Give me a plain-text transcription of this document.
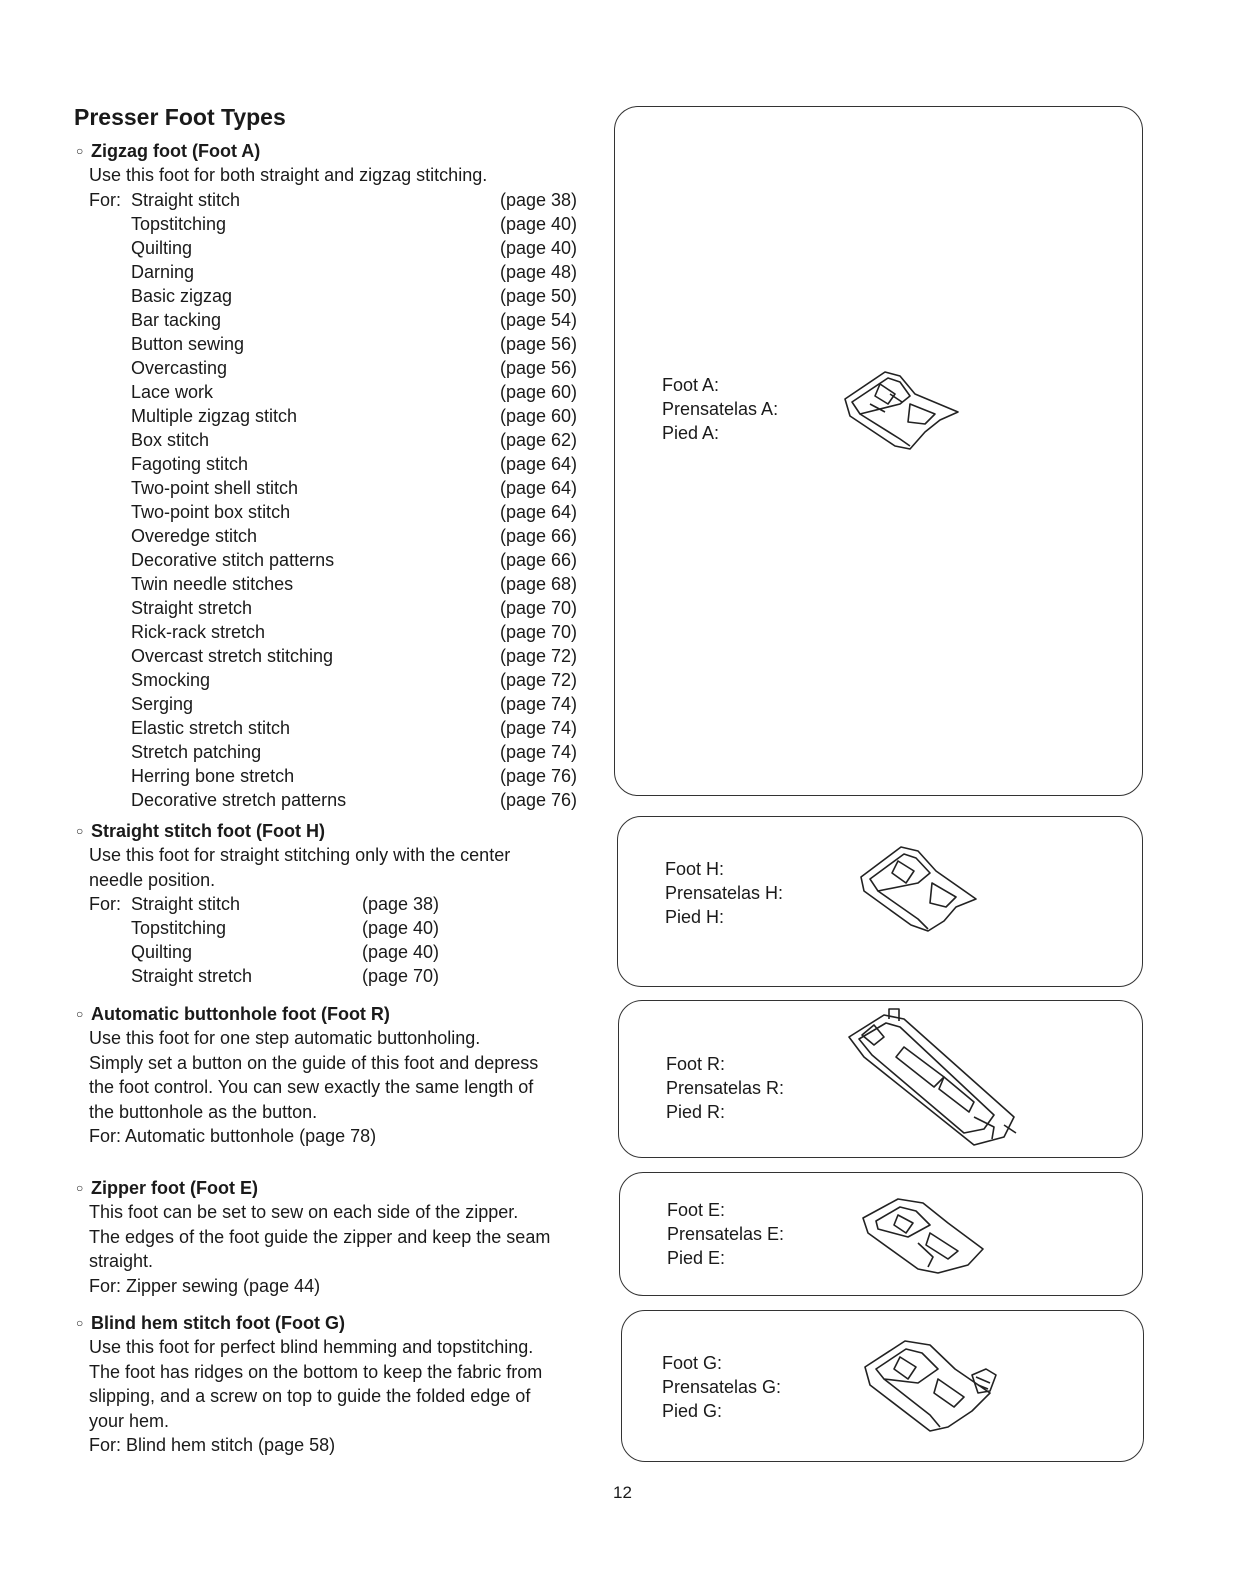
Presser Foot Types
○ Zigzag foot (Foot A)
Use this foot for both straight and zigzag stitching.
For: Straight stitch	(page 38)
Topstitching	(page 40)
Quilting	(page 40)
Darning	(page 48)
Basic zigzag	(page 50)
Bar tacking	(page 54)
Button sewing	(page 56)
Overcasting	(page 56)
Lace work	(page 60)
Multiple zigzag stitch	(page 60)
Box stitch	(page 62)
Fagoting stitch	(page 64)
Two-point shell stitch	(page 64)
Two-point box stitch	(page 64)
Overedge stitch	(page 66)
Decorative stitch patterns	(page 66)
Twin needle stitches	(page 68)
Straight stretch	(page 70)
Rick-rack stretch	(page 70)
Overcast stretch stitching	(page 72)
Smocking	(page 72)
Serging	(page 74)
Elastic stretch stitch	(page 74)
Stretch patching	(page 74)
Herring bone stretch	(page 76)
Decorative stretch patterns	(page 76)
○ Straight stitch foot (Foot H)
Use this foot for straight stitching only with the center
needle position.
For: Straight stitch	(page 38)
Topstitching	(page 40)
Quilting	(page 40)
Straight stretch	(page 70)
○ Automatic buttonhole foot (Foot R)
Use this foot for one step automatic buttonholing.
Simply set a button on the guide of this foot and depress
the foot control. You can sew exactly the same length of
the buttonhole as the button.
For: Automatic buttonhole (page 78)
○ Zipper foot (Foot E)
This foot can be set to sew on each side of the zipper.
The edges of the foot guide the zipper and keep the seam
straight.
For: Zipper sewing (page 44)
○ Blind hem stitch foot (Foot G)
Use this foot for perfect blind hemming and topstitching.
The foot has ridges on the bottom to keep the fabric from
slipping, and a screw on top to guide the folded edge of
your hem.
For: Blind hem stitch (page 58)
Foot A:
Prensatelas A:
Pied A:
Foot H:
Prensatelas H:
Pied H:
Foot R:
Prensatelas R:
Pied R:
Foot E:
Prensatelas E:
Pied E:
Foot G:
Prensatelas G:
Pied G:
12
